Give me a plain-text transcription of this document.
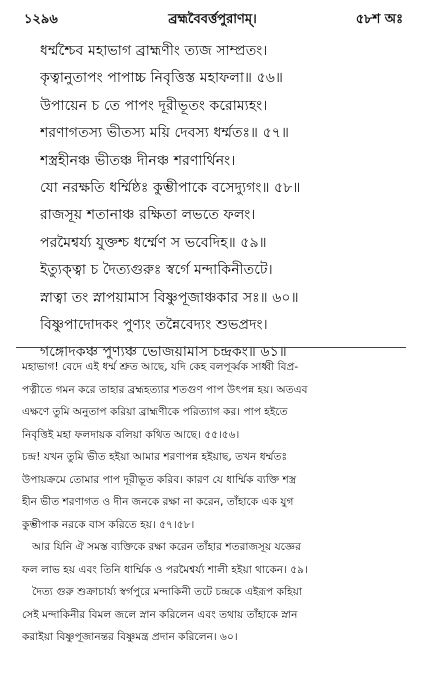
১২৯৬	ব্রহ্মবৈবর্ত্তপুরাণম্।	৫৮শ অঃ
ধর্ম্মশ্চৈব মহাভাগ ব্রাহ্মণীং ত্যজ সাম্প্রতং।
কৃত্বানুতাপং পাপাচ্চ নিবৃত্তিস্ত মহাফলা॥ ৫৬॥
উপায়েন চ তে পাপং দূরীভূতং করোম্যহং।
শরণাগতস্য ভীতস্য ময়ি দেবস্য ধর্ম্মতঃ॥ ৫৭॥
শস্ত্রহীনঞ্চ ভীতঞ্চ দীনঞ্চ শরণার্থিনং।
যো নরক্ষতি ধর্ম্মিষ্ঠঃ কুম্ভীপাকে বসেদ্যুগং॥ ৫৮॥
রাজসূয় শতানাঞ্চ রক্ষিতা লভতে ফলং।
পরমৈশ্বর্য্য যুক্তশ্চ ধর্ম্মেণ স ভবেদিহ॥ ৫৯॥
ইত্যুক্ত্বা চ দৈত্যগুরুঃ স্বর্গে মন্দাকিনীতটে।
স্নাত্বা তং স্নাপয়ামাস বিষ্ণুপূজাঞ্চকার সঃ॥ ৬০॥
বিষ্ণুপাদোদকং পুণ্যং তন্নৈবেদ্যং শুভপ্রদং।
গঙ্গোদকঞ্চ পুণ্যঞ্চ ভোজয়ামাস চন্দ্রকং॥ ৬১॥
মহাভাগ! বেদে এই ধর্ম্ম শ্রুত আছে, যদি কেহ বলপূর্ব্বক সাধ্বী বিপ্র-
পত্নীতে গমন করে তাহার ব্রহ্মহত্যার শতগুণ পাপ উৎপন্ন হয়। অতএব
এক্ষণে তুমি অনুতাপ করিয়া ব্রাহ্মণীকে পরিত্যাগ কর। পাপ হইতে
নিবৃত্তিই মহা ফলদায়ক বলিয়া কথিত আছে। ৫৫।৫৬।
চন্দ্র! যখন তুমি ভীত হইয়া আমার শরণাপন্ন হইয়াছ, তখন ধর্ম্মতঃ
উপায়ক্রমে তোমার পাপ দূরীভূত করিব। কারণ যে ধার্ম্মিক ব্যক্তি শস্ত্র
হীন ভীত শরণাগত ও দীন জনকে রক্ষা না করেন, তাঁহাকে এক যুগ
কুম্ভীপাক নরকে বাস করিতে হয়। ৫৭।৫৮।
আর যিনি ঐ সমস্ত ব্যক্তিকে রক্ষা করেন তাঁহার শতরাজসূয় যজ্ঞের
ফল লাভ হয় এবং তিনি ধার্ম্মিক ও পরমৈশ্বর্য্য শালী হইয়া থাকেন। ৫৯।
দৈত্য গুরু শুক্রাচার্য্য স্বর্গপুরে মন্দাকিনী তটে চন্দ্রকে এইরূপ কহিয়া
সেই মন্দাকিনীর বিমল জলে স্নান করিলেন এবং তথায় তাঁহাকে স্নান
করাইয়া বিষ্ণুপূজানন্তর বিষ্ণুমন্ত্র প্রদান করিলেন। ৬০।
